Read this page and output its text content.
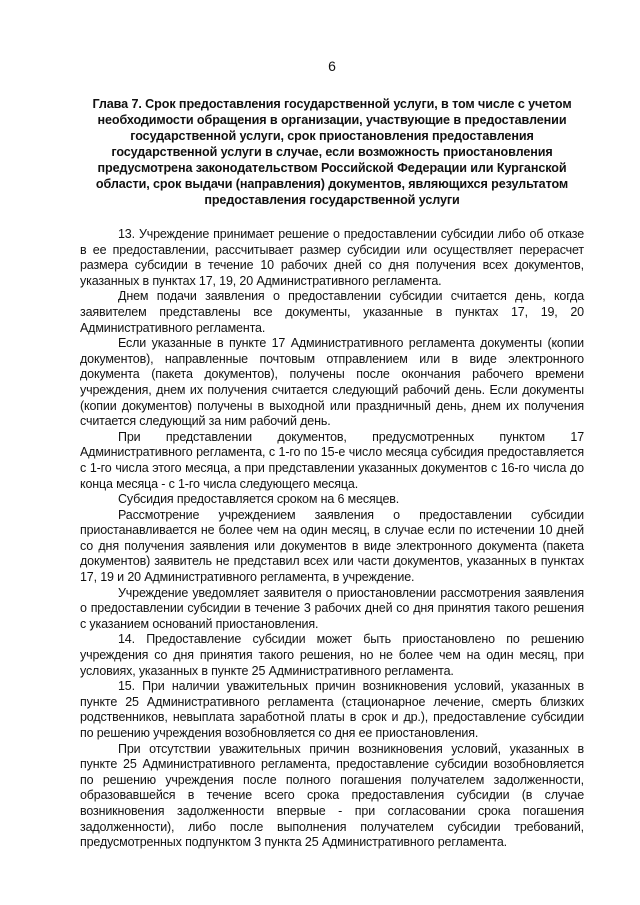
6
Глава 7. Срок предоставления государственной услуги, в том числе с учетом необходимости обращения в организации, участвующие в предоставлении государственной услуги, срок приостановления предоставления государственной услуги в случае, если возможность приостановления предусмотрена законодательством Российской Федерации или Курганской области, срок выдачи (направления) документов, являющихся результатом предоставления государственной услуги

13. Учреждение принимает решение о предоставлении субсидии либо об отказе в ее предоставлении, рассчитывает размер субсидии или осуществляет перерасчет размера субсидии в течение 10 рабочих дней со дня получения всех документов, указанных в пунктах 17, 19, 20 Административного регламента.

Днем подачи заявления о предоставлении субсидии считается день, когда заявителем представлены все документы, указанные в пунктах 17, 19, 20 Административного регламента.

Если указанные в пункте 17 Административного регламента документы (копии документов), направленные почтовым отправлением или в виде электронного документа (пакета документов), получены после окончания рабочего времени учреждения, днем их получения считается следующий рабочий день. Если документы (копии документов) получены в выходной или праздничный день, днем их получения считается следующий за ним рабочий день.

При представлении документов, предусмотренных пунктом 17 Административного регламента, с 1-го по 15-е число месяца субсидия предоставляется с 1-го числа этого месяца, а при представлении указанных документов с 16-го числа до конца месяца - с 1-го числа следующего месяца.

Субсидия предоставляется сроком на 6 месяцев.

Рассмотрение учреждением заявления о предоставлении субсидии приостанавливается не более чем на один месяц, в случае если по истечении 10 дней со дня получения заявления или документов в виде электронного документа (пакета документов) заявитель не представил всех или части документов, указанных в пунктах 17, 19 и 20 Административного регламента, в учреждение.

Учреждение уведомляет заявителя о приостановлении рассмотрения заявления о предоставлении субсидии в течение 3 рабочих дней со дня принятия такого решения с указанием оснований приостановления.

14. Предоставление субсидии может быть приостановлено по решению учреждения со дня принятия такого решения, но не более чем на один месяц, при условиях, указанных в пункте 25 Административного регламента.

15. При наличии уважительных причин возникновения условий, указанных в пункте 25 Административного регламента (стационарное лечение, смерть близких родственников, невыплата заработной платы в срок и др.), предоставление субсидии по решению учреждения возобновляется со дня ее приостановления.

При отсутствии уважительных причин возникновения условий, указанных в пункте 25 Административного регламента, предоставление субсидии возобновляется по решению учреждения после полного погашения получателем задолженности, образовавшейся в течение всего срока предоставления субсидии (в случае возникновения задолженности впервые - при согласовании срока погашения задолженности), либо после выполнения получателем субсидии требований, предусмотренных подпунктом 3 пункта 25 Административного регламента.
